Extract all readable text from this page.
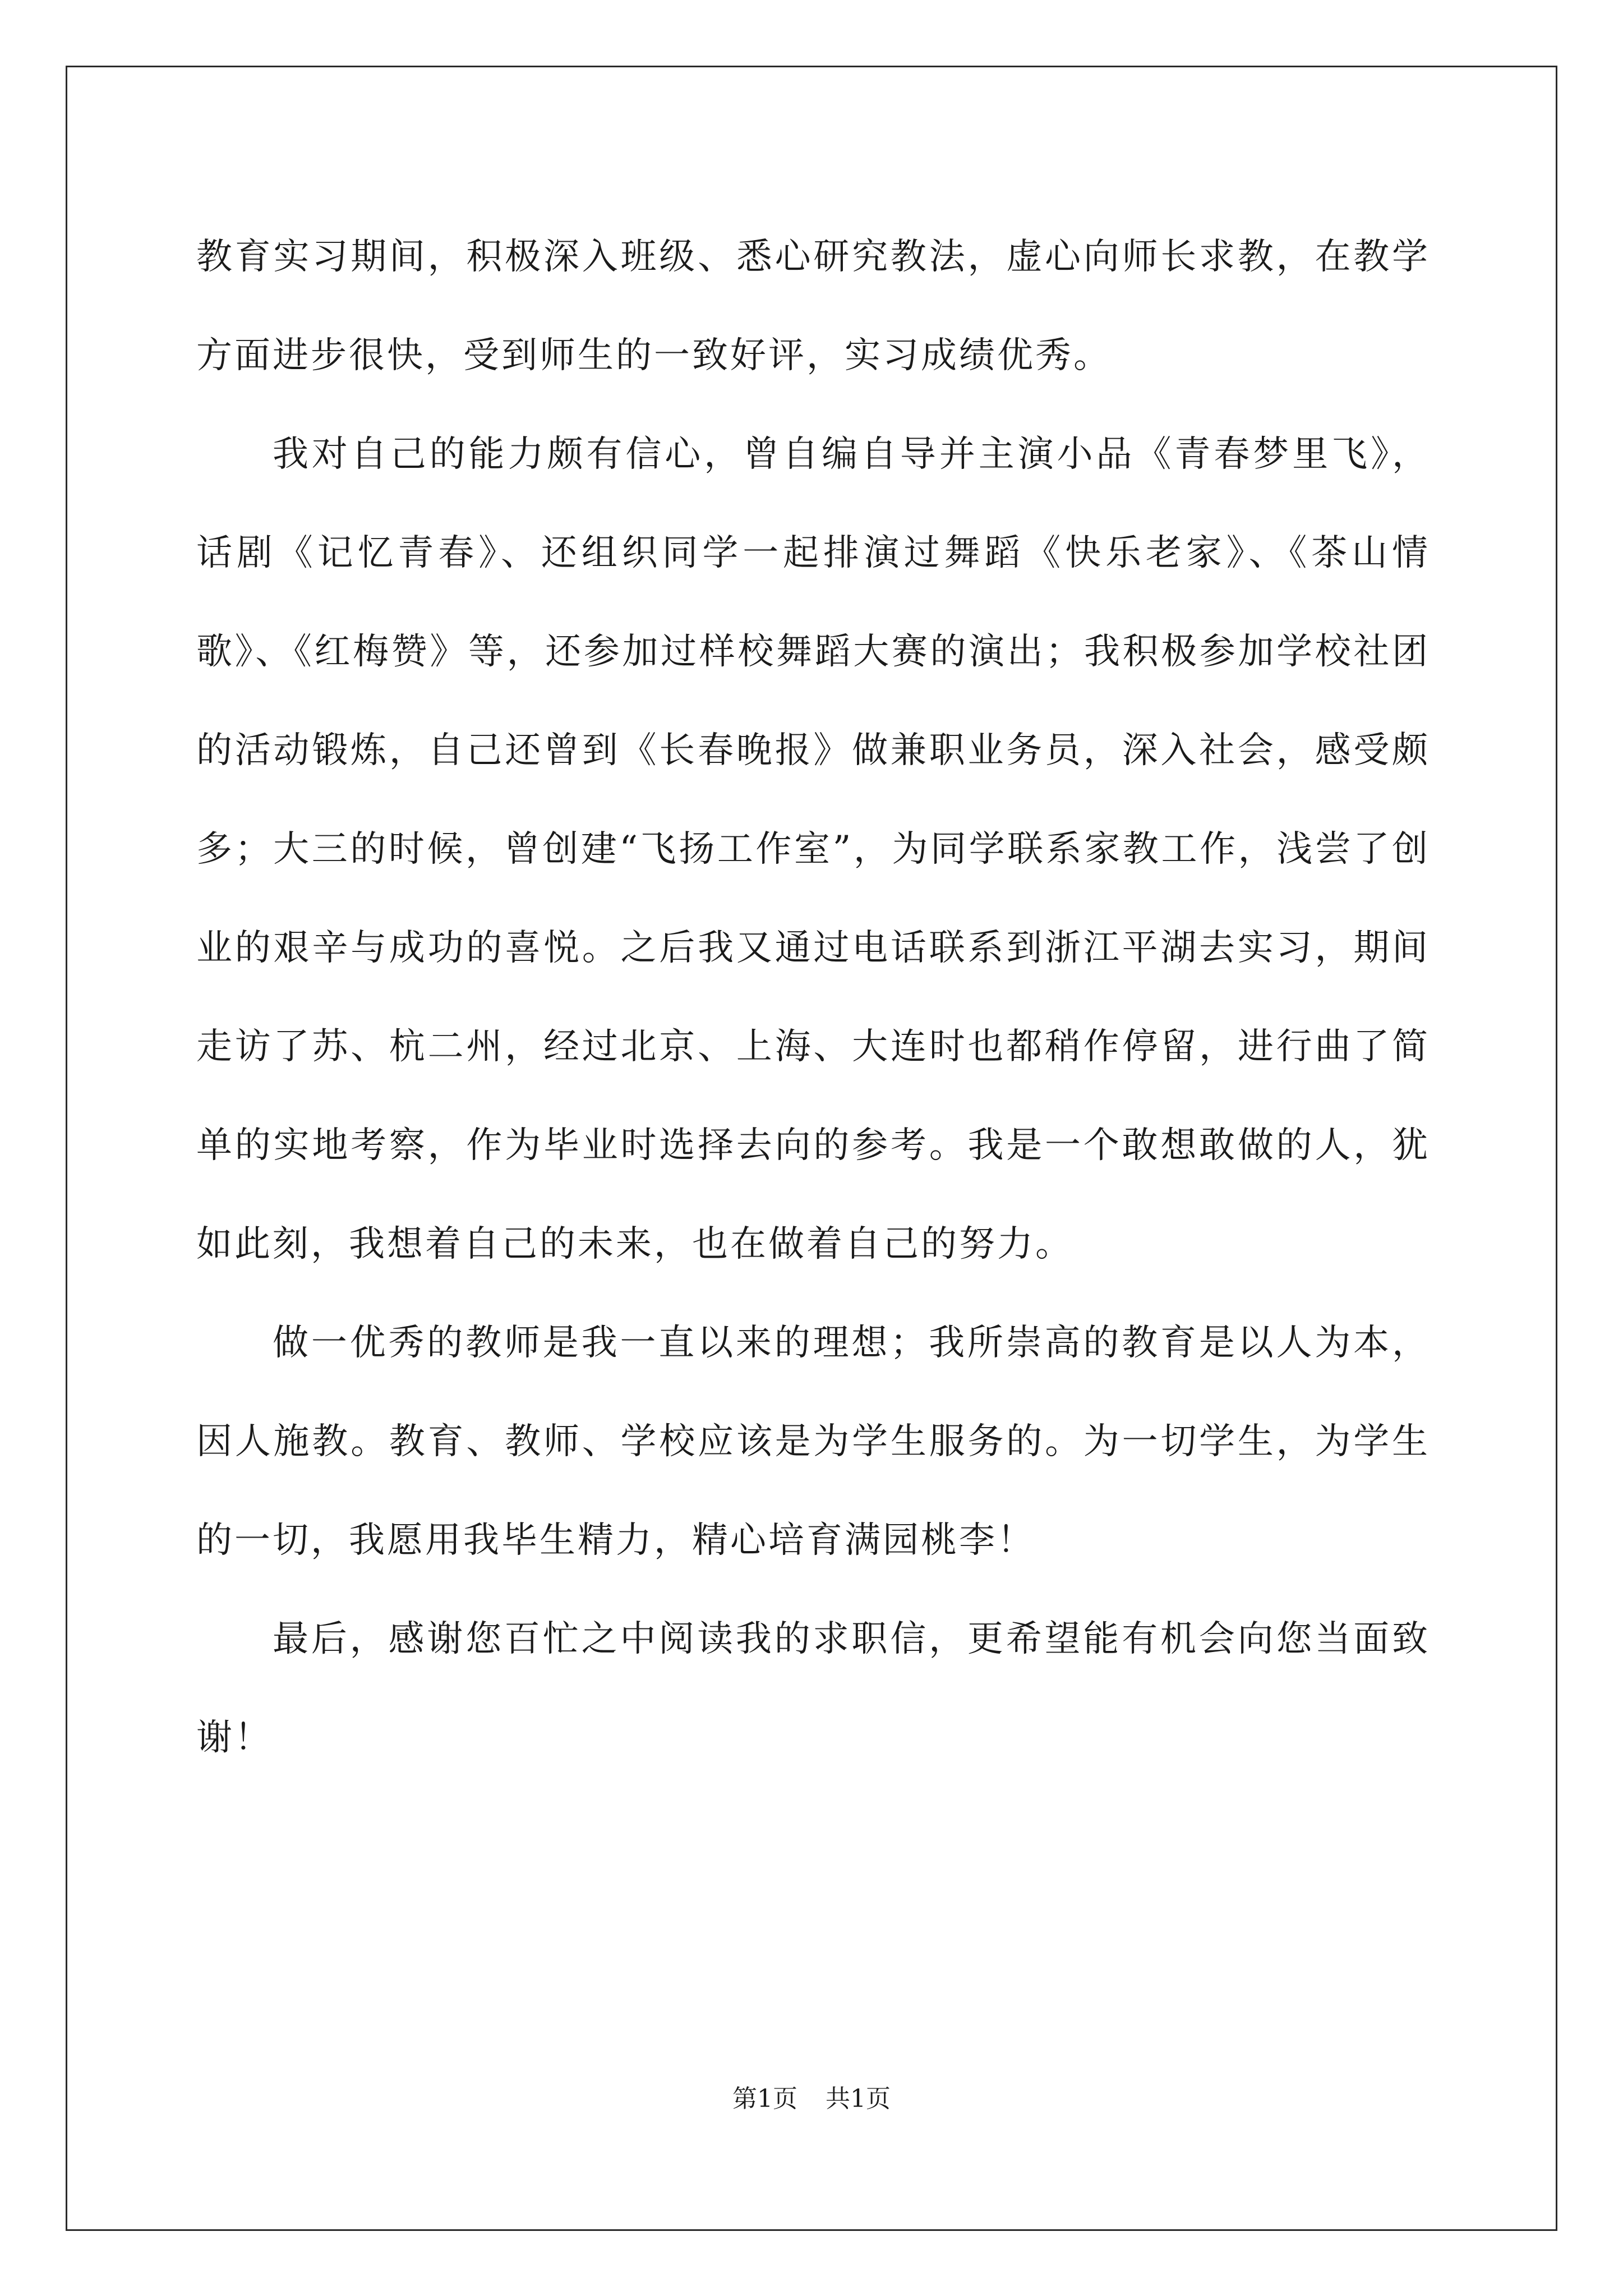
教育实习期间，积极深入班级、悉心研究教法，虚心向师长求教，在教学方面进步很快，受到师生的一致好评，实习成绩优秀。

我对自己的能力颇有信心，曾自编自导并主演小品《青春梦里飞》，话剧《记忆青春》、还组织同学一起排演过舞蹈《快乐老家》、《茶山情歌》、《红梅赞》等，还参加过样校舞蹈大赛的演出；我积极参加学校社团的活动锻炼，自己还曾到《长春晚报》做兼职业务员，深入社会，感受颇多；大三的时候，曾创建“飞扬工作室”，为同学联系家教工作，浅尝了创业的艰辛与成功的喜悦。之后我又通过电话联系到浙江平湖去实习，期间走访了苏、杭二州，经过北京、上海、大连时也都稍作停留，进行曲了简单的实地考察，作为毕业时选择去向的参考。我是一个敢想敢做的人，犹如此刻，我想着自己的未来，也在做着自己的努力。

做一优秀的教师是我一直以来的理想；我所崇高的教育是以人为本，因人施教。教育、教师、学校应该是为学生服务的。为一切学生，为学生的一切，我愿用我毕生精力，精心培育满园桃李！

最后，感谢您百忙之中阅读我的求职信，更希望能有机会向您当面致谢！

第1页 共1页
